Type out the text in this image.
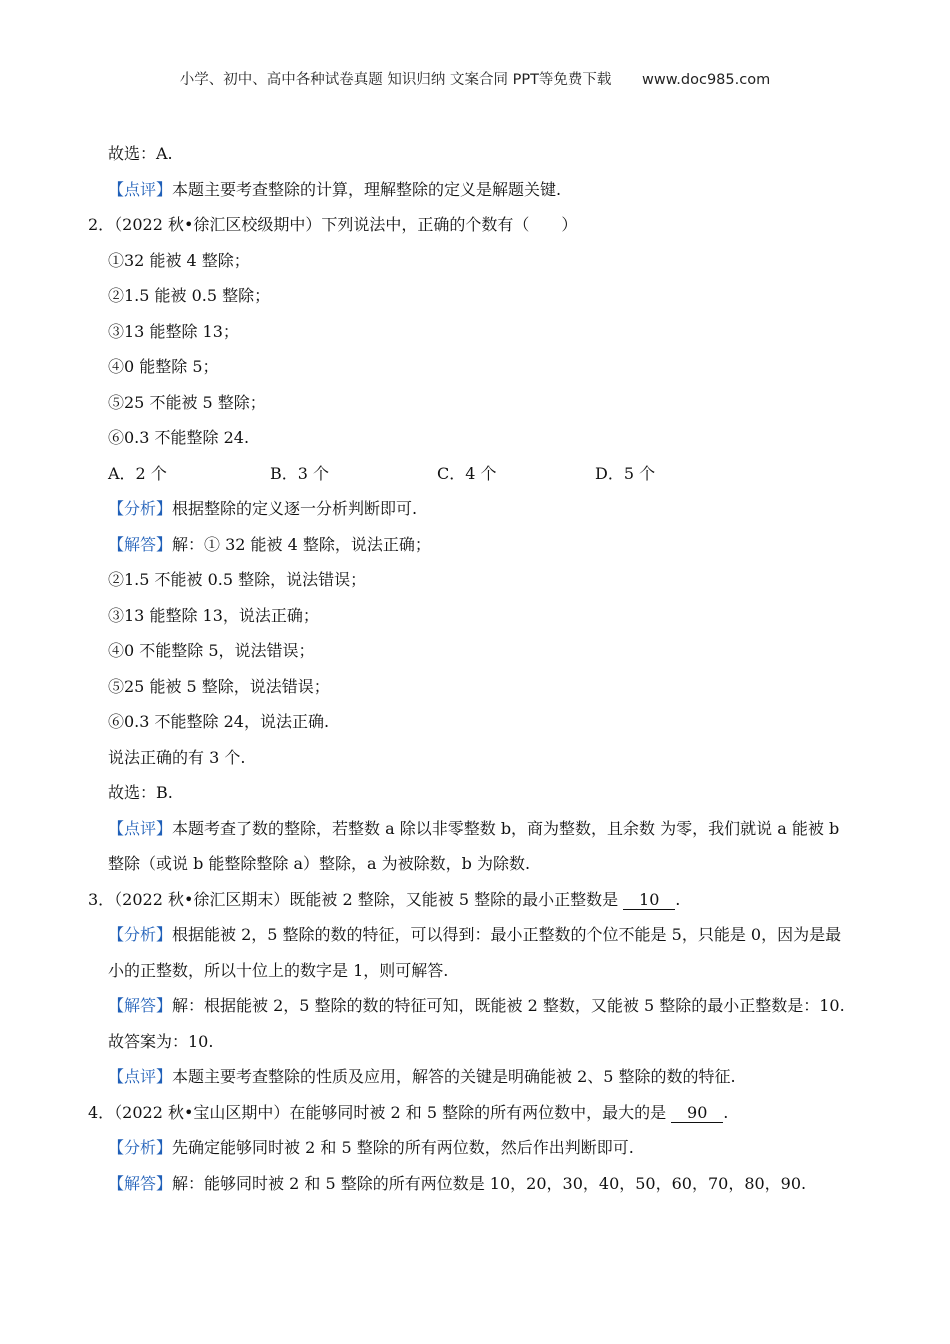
小学、初中、高中各种试卷真题 知识归纳 文案合同 PPT等免费下载 www.doc985.com
故选：A.
【点评】本题主要考查整除的计算，理解整除的定义是解题关键.
2．（2022 秋•徐汇区校级期中）下列说法中，正确的个数有（　　）
①32 能被 4 整除；
②1.5 能被 0.5 整除；
③13 能整除 13；
④0 能整除 5；
⑤25 不能被 5 整除；
⑥0.3 不能整除 24.
A．2 个	B．3 个	C．4 个	D．5 个
【分析】根据整除的定义逐一分析判断即可.
【解答】解：① 32 能被 4 整除，说法正确；
②1.5 不能被 0.5 整除，说法错误；
③13 能整除 13，说法正确；
④0 不能整除 5，说法错误；
⑤25 能被 5 整除，说法错误；
⑥0.3 不能整除 24，说法正确.
说法正确的有 3 个.
故选：B.
【点评】本题考查了数的整除，若整数 a 除以非零整数 b，商为整数，且余数 为零，我们就说 a 能被 b
整除（或说 b 能整除整除 a）整除，a 为被除数，b 为除数.
3．（2022 秋•徐汇区期末）既能被 2 整除，又能被 5 整除的最小正整数是 10 .
【分析】根据能被 2，5 整除的数的特征，可以得到：最小正整数的个位不能是 5，只能是 0，因为是最
小的正整数，所以十位上的数字是 1，则可解答.
【解答】解：根据能被 2，5 整除的数的特征可知，既能被 2 整数，又能被 5 整除的最小正整数是：10.
故答案为：10.
【点评】本题主要考查整除的性质及应用，解答的关键是明确能被 2、5 整除的数的特征.
4．（2022 秋•宝山区期中）在能够同时被 2 和 5 整除的所有两位数中，最大的是 90 .
【分析】先确定能够同时被 2 和 5 整除的所有两位数，然后作出判断即可.
【解答】解：能够同时被 2 和 5 整除的所有两位数是 10，20，30，40，50，60，70，80，90.
